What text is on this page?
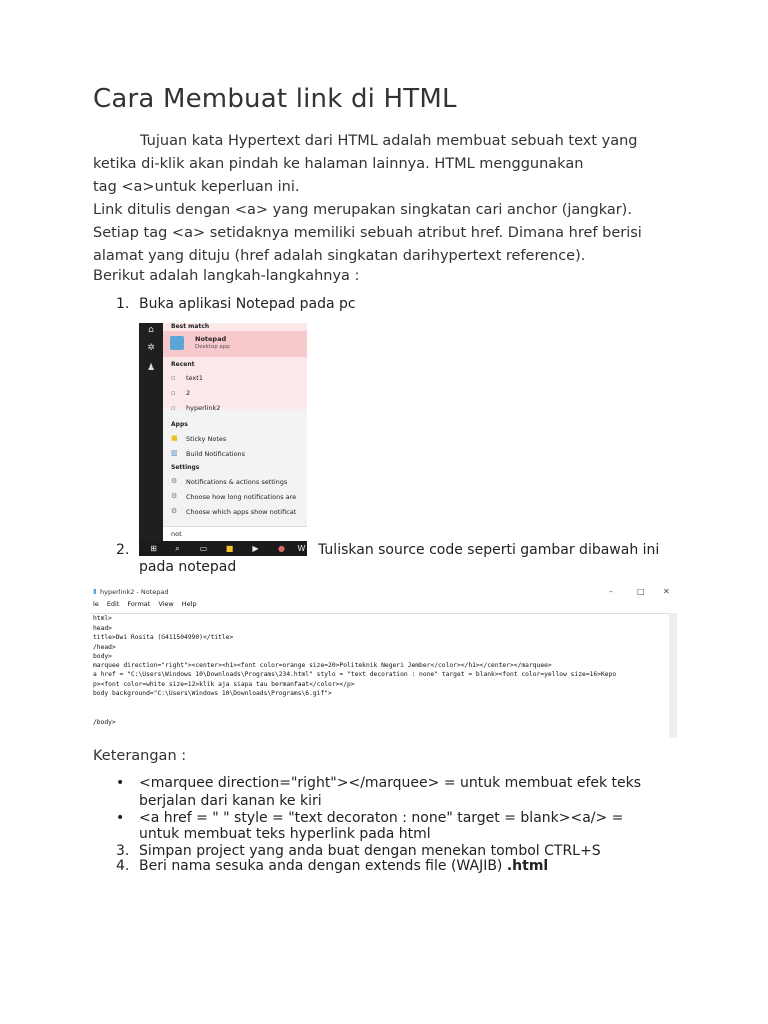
Cara Membuat link di HTML
Tujuan kata Hypertext dari HTML adalah membuat sebuah text yang
ketika di-klik akan pindah ke halaman lainnya. HTML menggunakan
tag <a>untuk keperluan ini.
Link ditulis dengan <a> yang merupakan singkatan cari anchor (jangkar).
Setiap tag <a> setidaknya memiliki sebuah atribut href. Dimana href berisi
alamat yang dituju (href adalah singkatan darihypertext reference).
Berikut adalah langkah-langkahnya :
1. Buka aplikasi Notepad pada pc
⌂
✲
♟
Best match
Notepad
Desktop app
Recent
▫	text1
▫	2
▫	hyperlink2
Apps
■ Sticky Notes
▥ Build Notifications
Settings
⚙ Notifications & actions settings
⚙ Choose how long notifications are
⚙ Choose which apps show notificat
not
⊞ ⌕ ▭ ■ ▶ ● W
2.	Tuliskan source code seperti gambar dibawah ini
pada notepad
▮ hyperlink2 - Notepad	–	□ ✕
le Edit Format View Help
html>
head>
title>Dwi Rosita (G411504990)</title>
/head>
body>
marquee direction="right"><center><h1><font color=orange size=20>Politeknik Negeri Jember</color></h1></center></marquee>
a href = "C:\Users\Windows 10\Downloads\Programs\234.html" stylo = "text decoration : none" target = blank><font color=yellow size=16>Kepo
p><font color=white size=12>klik aja siapa tau bermanfaat</color></p>
body background="C:\Users\Windows 10\Downloads\Programs\6.gif">
/body>
Keterangan :
• <marquee direction="right"></marquee> = untuk membuat efek teks
berjalan dari kanan ke kiri
• <a href = " " style = "text decoraton : none" target = blank><a/> =
untuk membuat teks hyperlink pada html
3. Simpan project yang anda buat dengan menekan tombol CTRL+S
4. Beri nama sesuka anda dengan extends file (WAJIB) .html
